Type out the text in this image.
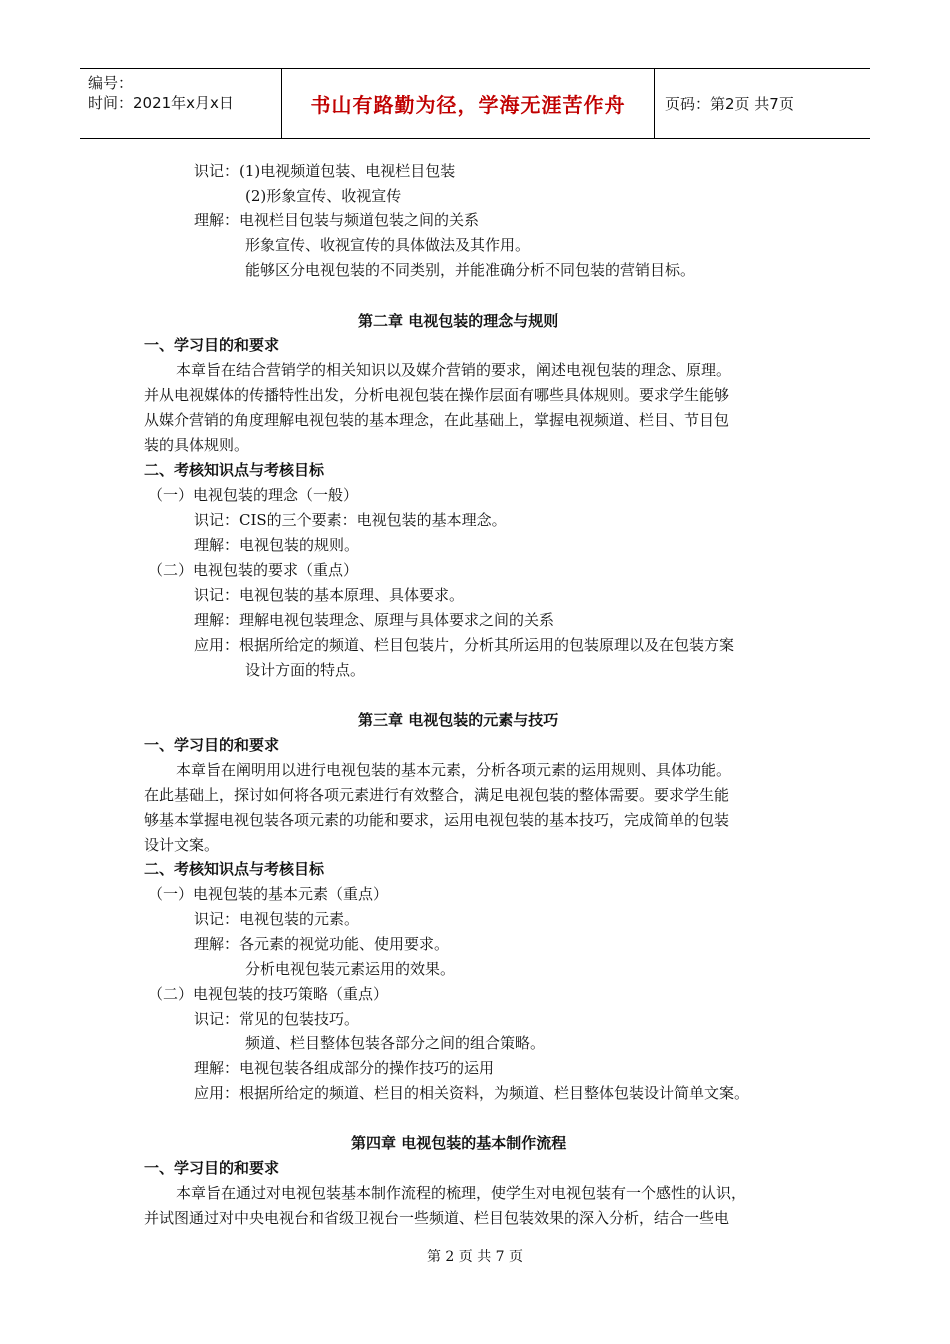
编号：
时间：2021年x月x日	书山有路勤为径，学海无涯苦作舟	页码：第2页 共7页
识记：(1)电视频道包装、电视栏目包装
(2)形象宣传、收视宣传
理解：电视栏目包装与频道包装之间的关系
形象宣传、收视宣传的具体做法及其作用。
能够区分电视包装的不同类别，并能准确分析不同包装的营销目标。
第二章 电视包装的理念与规则
一、学习目的和要求
本章旨在结合营销学的相关知识以及媒介营销的要求，阐述电视包装的理念、原理。
并从电视媒体的传播特性出发，分析电视包装在操作层面有哪些具体规则。要求学生能够
从媒介营销的角度理解电视包装的基本理念，在此基础上，掌握电视频道、栏目、节目包
装的具体规则。
二、考核知识点与考核目标
（一）电视包装的理念（一般）
识记：CIS的三个要素：电视包装的基本理念。
理解：电视包装的规则。
（二）电视包装的要求（重点）
识记：电视包装的基本原理、具体要求。
理解：理解电视包装理念、原理与具体要求之间的关系
应用：根据所给定的频道、栏目包装片，分析其所运用的包装原理以及在包装方案
设计方面的特点。
第三章 电视包装的元素与技巧
一、学习目的和要求
本章旨在阐明用以进行电视包装的基本元素，分析各项元素的运用规则、具体功能。
在此基础上，探讨如何将各项元素进行有效整合，满足电视包装的整体需要。要求学生能
够基本掌握电视包装各项元素的功能和要求，运用电视包装的基本技巧，完成简单的包装
设计文案。
二、考核知识点与考核目标
（一）电视包装的基本元素（重点）
识记：电视包装的元素。
理解：各元素的视觉功能、使用要求。
分析电视包装元素运用的效果。
（二）电视包装的技巧策略（重点）
识记：常见的包装技巧。
频道、栏目整体包装各部分之间的组合策略。
理解：电视包装各组成部分的操作技巧的运用
应用：根据所给定的频道、栏目的相关资料，为频道、栏目整体包装设计简单文案。
第四章 电视包装的基本制作流程
一、学习目的和要求
本章旨在通过对电视包装基本制作流程的梳理，使学生对电视包装有一个感性的认识，
并试图通过对中央电视台和省级卫视台一些频道、栏目包装效果的深入分析，结合一些电
第 2 页 共 7 页
